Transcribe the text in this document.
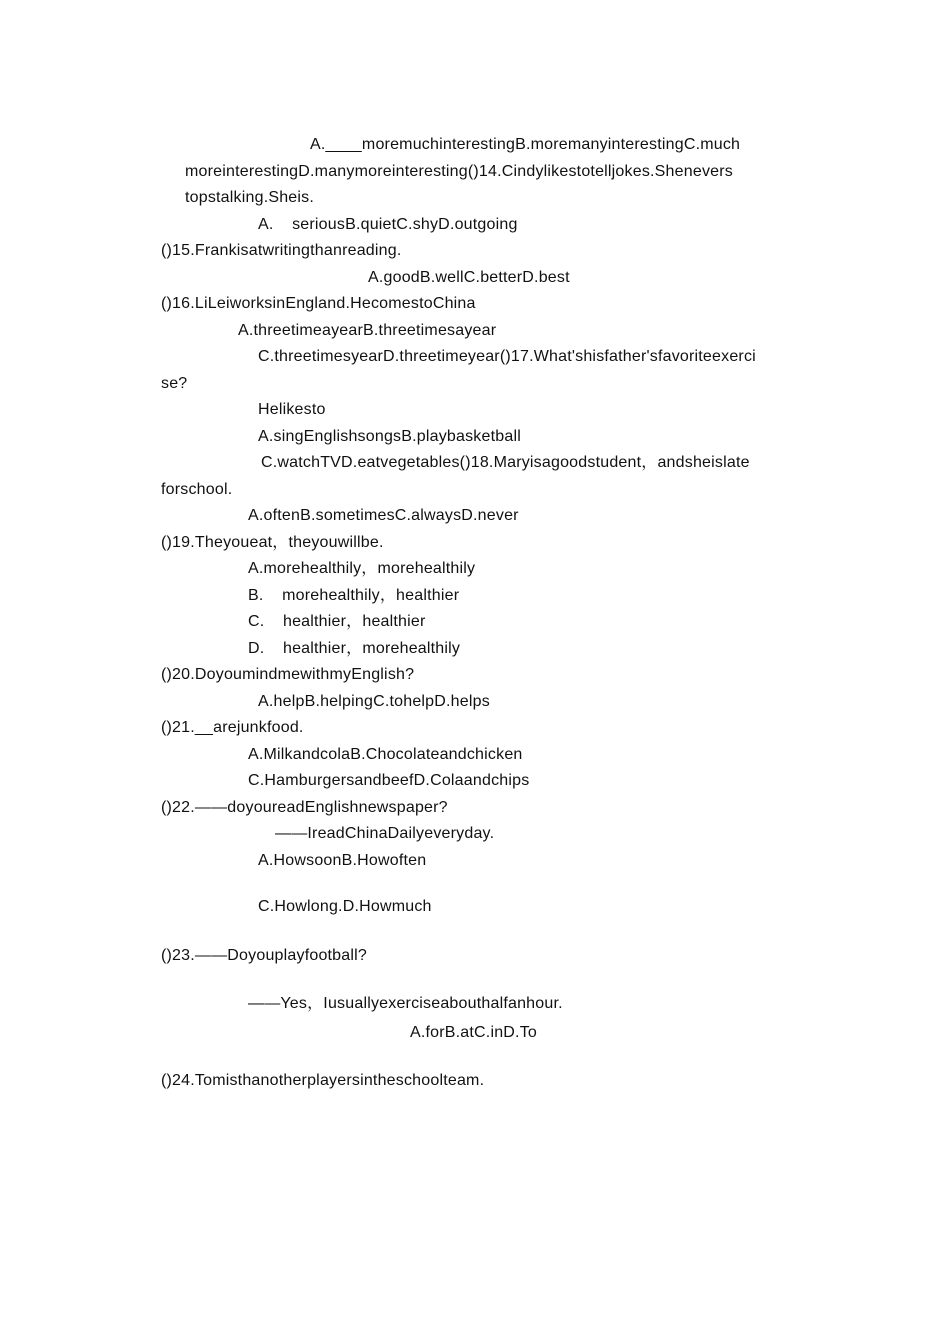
A.____moremuchinterestingB.moremanyinterestingC.much
moreinterestingD.manymoreinteresting()14.Cindylikestotelljokes.Shenevers
topstalking.Sheis.
A.    seriousB.quietC.shyD.outgoing
()15.Frankisatwritingthanreading.
A.goodB.wellC.betterD.best
()16.LiLeiworksinEngland.HecomestoChina
A.threetimeayearB.threetimesayear
C.threetimesyearD.threetimeyear()17.What'shisfather'sfavoriteexerci
se?
Helikesto
A.singEnglishsongsB.playbasketball
C.watchTVD.eatvegetables()18.Maryisagoodstudent，andsheislate
forschool.
A.oftenB.sometimesC.alwaysD.never
()19.Theyoueat，theyouwillbe.
A.morehealthily，morehealthily
B.    morehealthily，healthier
C.    healthier，healthier
D.    healthier，morehealthily
()20.DoyoumindmewithmyEnglish?
A.helpB.helpingC.tohelpD.helps
()21.__arejunkfood.
A.MilkandcolaB.Chocolateandchicken
C.HamburgersandbeefD.Colaandchips
()22.——doyoureadEnglishnewspaper?
——IreadChinaDailyeveryday.
A.HowsoonB.Howoften
C.Howlong.D.Howmuch
()23.——Doyouplayfootball?
——Yes，Iusuallyexerciseabouthalfanhour.
A.forB.atC.inD.To
()24.Tomisthanotherplayersintheschoolteam.
